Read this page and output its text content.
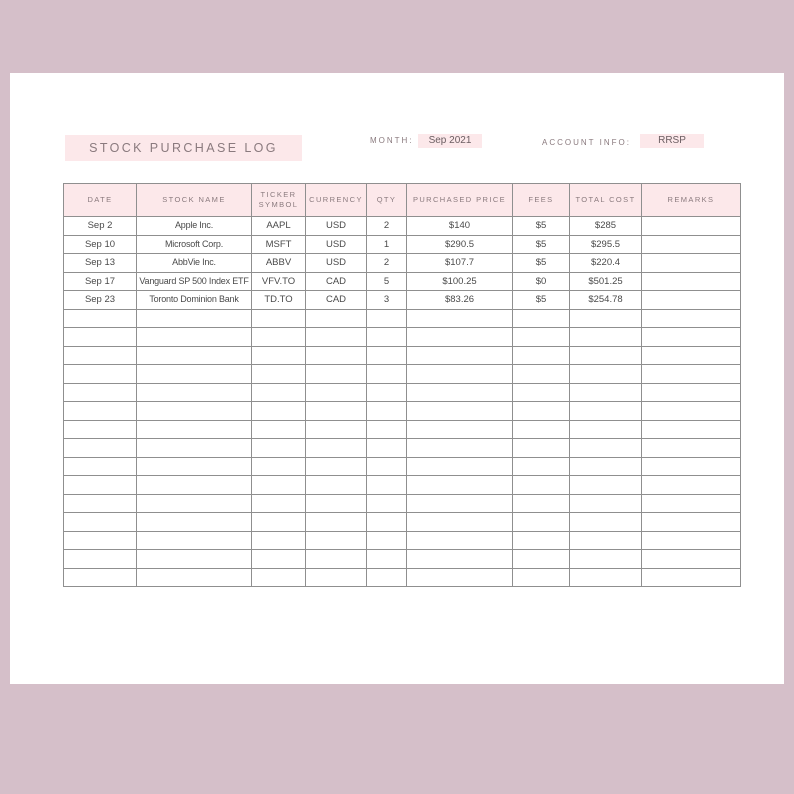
STOCK PURCHASE LOG
MONTH:	Sep 2021	ACCOUNT INFO:	RRSP
DATE	STOCK NAME	TICKER SYMBOL	CURRENCY	QTY	PURCHASED PRICE	FEES	TOTAL COST	REMARKS
Sep 2	Apple Inc.	AAPL	USD	2	$140	$5	$285	
Sep 10	Microsoft Corp.	MSFT	USD	1	$290.5	$5	$295.5	
Sep 13	AbbVie Inc.	ABBV	USD	2	$107.7	$5	$220.4	
Sep 17	Vanguard SP 500 Index ETF	VFV.TO	CAD	5	$100.25	$0	$501.25	
Sep 23	Toronto Dominion Bank	TD.TO	CAD	3	$83.26	$5	$254.78	
